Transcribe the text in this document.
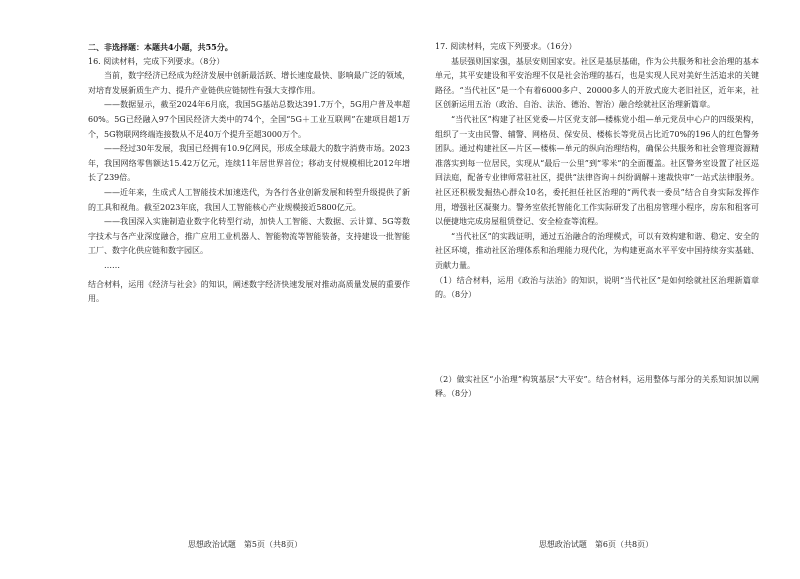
二、非选择题：本题共4小题，共55分。

16. 阅读材料，完成下列要求。（8分）

当前，数字经济已经成为经济发展中创新最活跃、增长速度最快、影响最广泛的领域，对培育发展新质生产力、提升产业链供应链韧性有强大支撑作用。

——数据显示，截至2024年6月底，我国5G基站总数达391.7万个，5G用户普及率超60%。5G已经融入97个国民经济大类中的74个，全国“5G＋工业互联网”在建项目超1万个，5G物联网终端连接数从不足40万个提升至超3000万个。

——经过30年发展，我国已经拥有10.9亿网民，形成全球最大的数字消费市场。2023年，我国网络零售额达15.42万亿元，连续11年居世界首位；移动支付规模相比2012年增长了239倍。

——近年来，生成式人工智能技术加速迭代，为各行各业创新发展和转型升级提供了新的工具和视角。截至2023年底，我国人工智能核心产业规模接近5800亿元。

——我国深入实施制造业数字化转型行动，加快人工智能、大数据、云计算、5G等数字技术与各产业深度融合，推广应用工业机器人、智能物流等智能装备，支持建设一批智能工厂、数字化供应链和数字园区。

……

结合材料，运用《经济与社会》的知识，阐述数字经济快速发展对推动高质量发展的重要作用。

17. 阅读材料，完成下列要求。（16分）

基层强则国家强，基层安则国家安。社区是基层基础，作为公共服务和社会治理的基本单元，其平安建设和平安治理不仅是社会治理的基石，也是实现人民对美好生活追求的关键路径。“当代社区”是一个有着6000多户、20000多人的开放式庞大老旧社区，近年来，社区创新运用五治（政治、自治、法治、德治、智治）融合绘就社区治理新篇章。

“当代社区”构建了社区党委—片区党支部—楼栋党小组—单元党员中心户的四级架构，组织了一支由民警、辅警、网格员、保安员、楼栋长等党员占比近70%的196人的红色警务团队。通过构建社区—片区—楼栋—单元的纵向治理结构，确保公共服务和社会管理资源精准落实到每一位居民，实现从“最后一公里”到“零米”的全面覆盖。社区警务室设置了社区巡回法庭，配备专业律师常驻社区，提供“法律咨询＋纠纷调解＋速裁快审”一站式法律服务。社区还积极发掘热心群众10名，委托担任社区治理的“两代表一委员”结合自身实际发挥作用，增强社区凝聚力。警务室依托智能化工作实际研发了出租房管理小程序，房东和租客可以便捷地完成房屋租赁登记、安全检查等流程。

“当代社区”的实践证明，通过五治融合的治理模式，可以有效构建和谐、稳定、安全的社区环境，推动社区治理体系和治理能力现代化，为构建更高水平平安中国持续夯实基础、贡献力量。

（1）结合材料，运用《政治与法治》的知识，说明“当代社区”是如何绘就社区治理新篇章的。（8分）

（2）做实社区“小治理”构筑基层“大平安”。结合材料，运用整体与部分的关系知识加以阐释。（8分）

思想政治试题 第5页（共8页）	思想政治试题 第6页（共8页）
